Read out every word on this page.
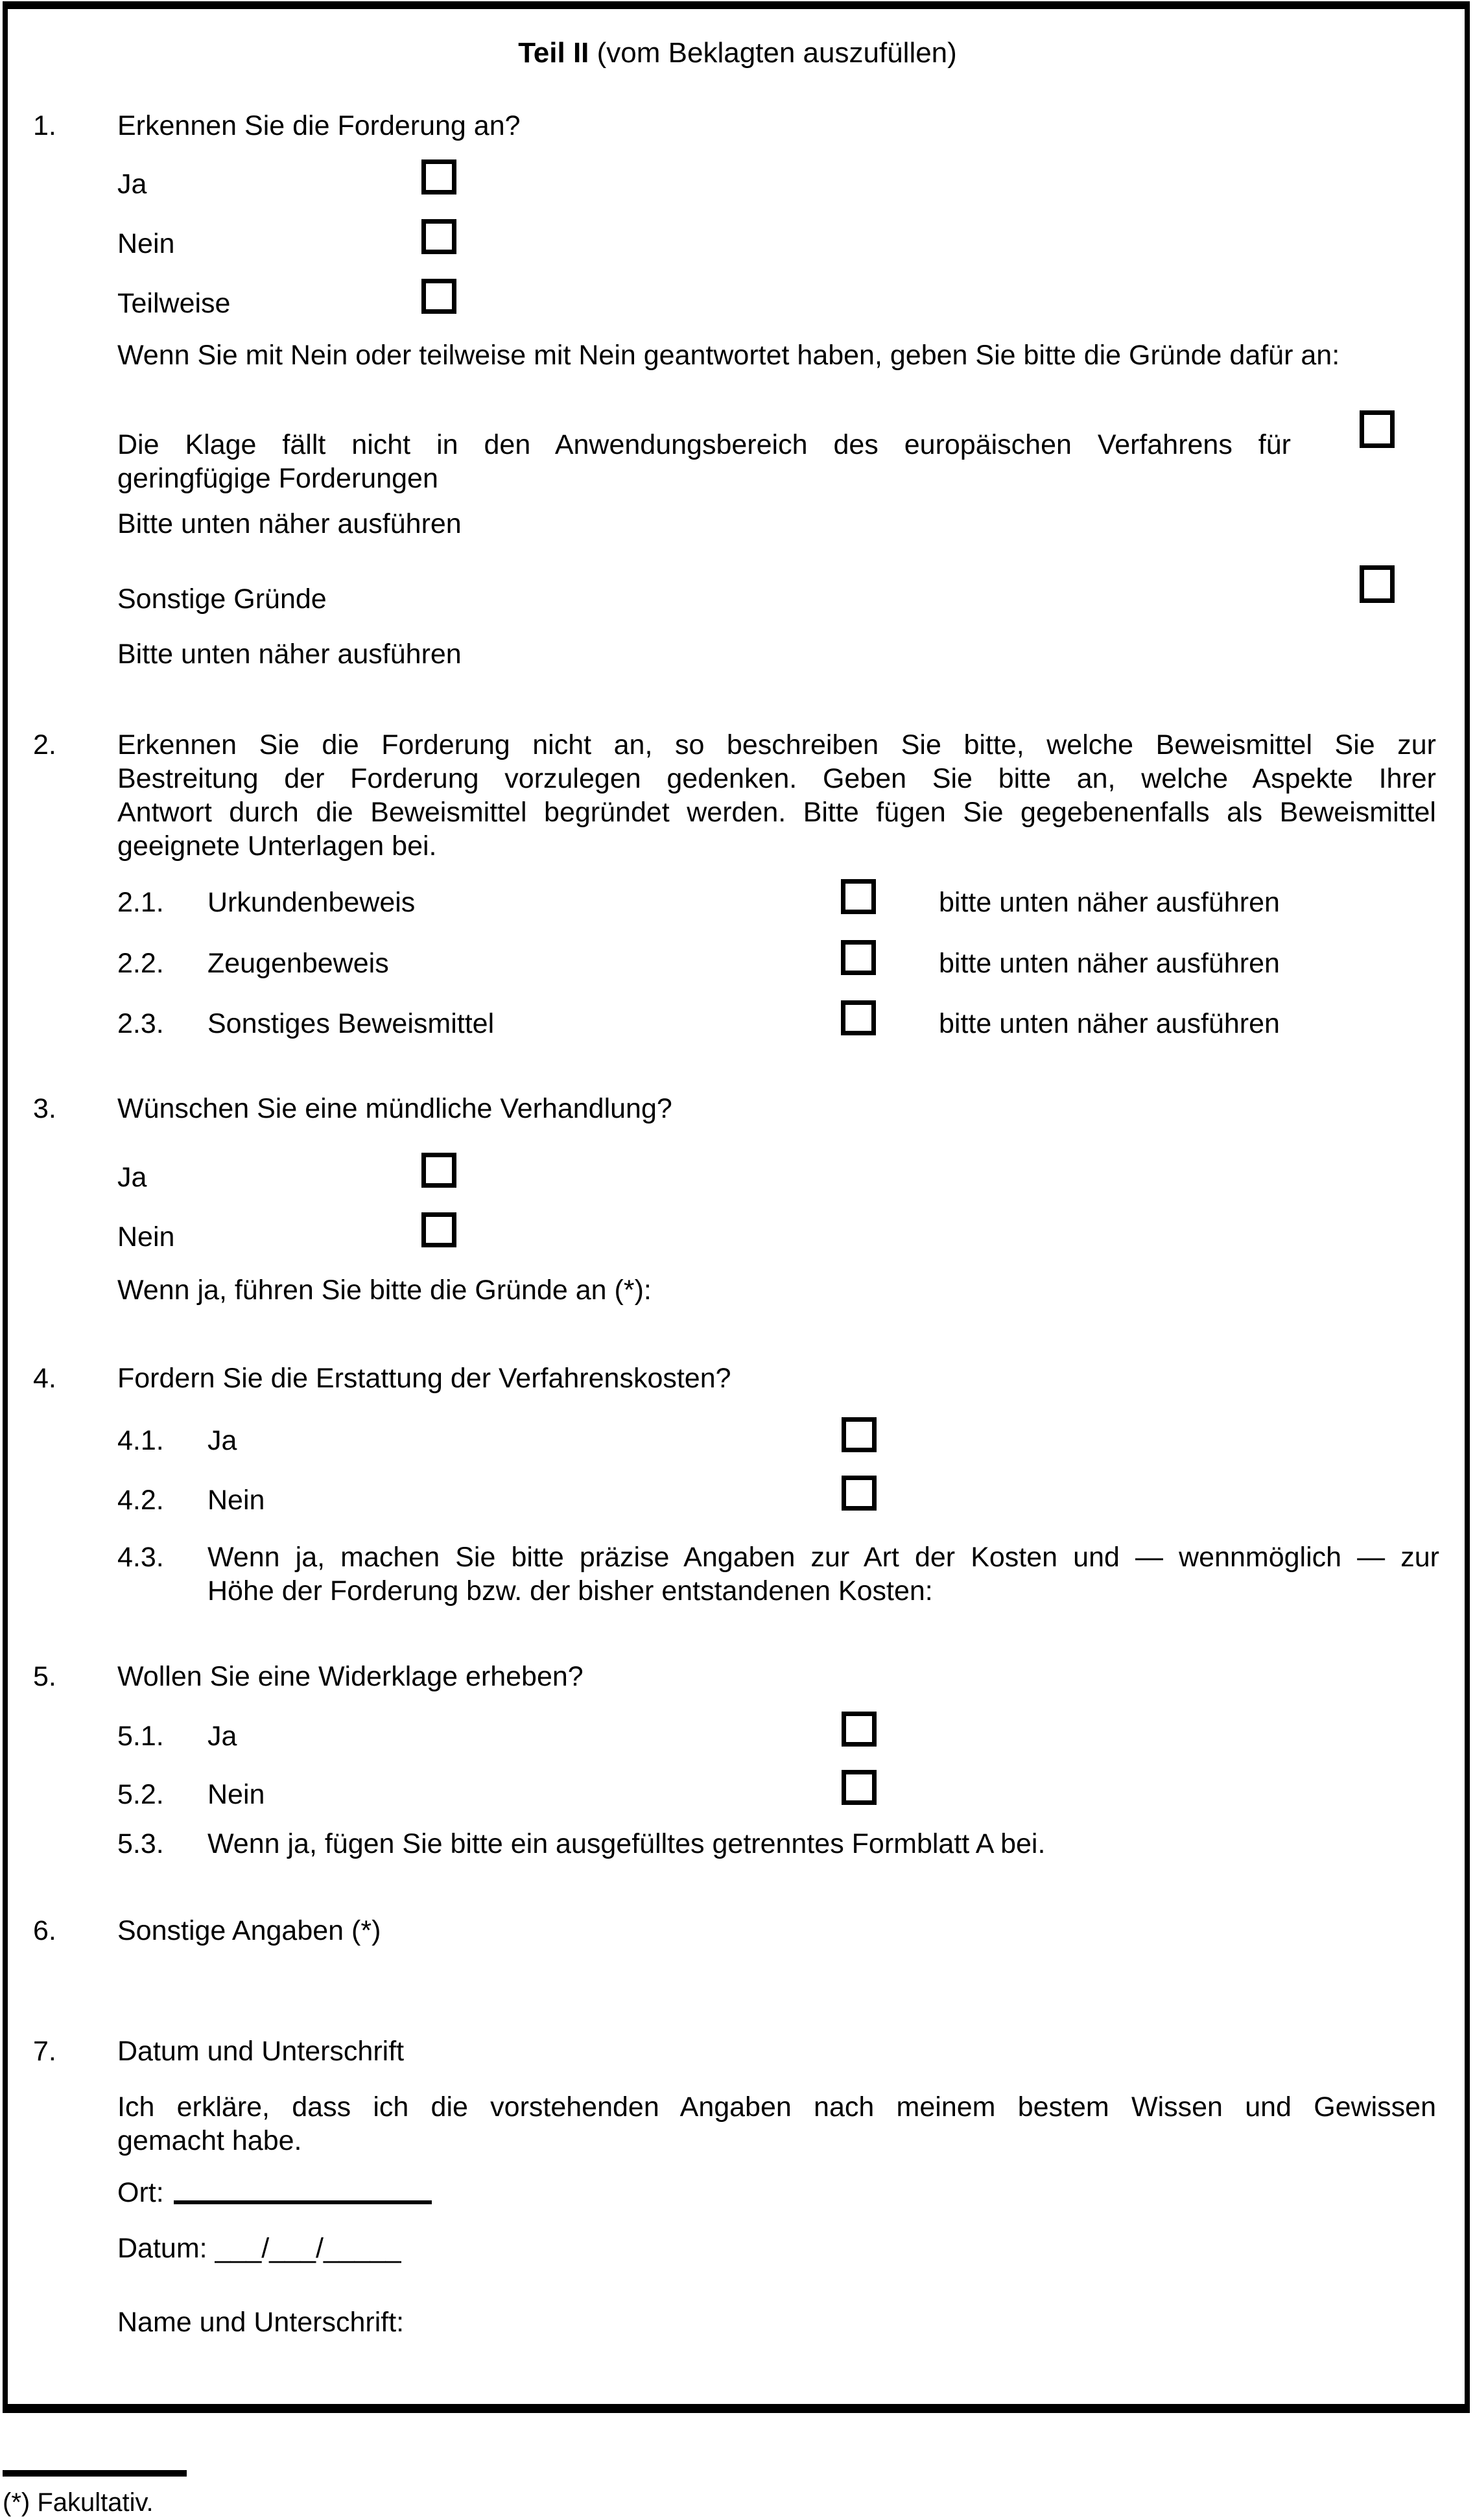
Teil II (vom Beklagten auszufüllen)
1. Erkennen Sie die Forderung an?
Ja
Nein
Teilweise
Wenn Sie mit Nein oder teilweise mit Nein geantwortet haben, geben Sie bitte die Gründe dafür an:
Die Klage fällt nicht in den Anwendungsbereich des europäischen Verfahrens für
geringfügige Forderungen
Bitte unten näher ausführen
Sonstige Gründe
Bitte unten näher ausführen
2. Erkennen Sie die Forderung nicht an, so beschreiben Sie bitte, welche Beweismittel Sie zur
Bestreitung der Forderung vorzulegen gedenken. Geben Sie bitte an, welche Aspekte Ihrer
Antwort durch die Beweismittel begründet werden. Bitte fügen Sie gegebenenfalls als Beweismittel
geeignete Unterlagen bei.
2.1. Urkundenbeweis	bitte unten näher ausführen
2.2. Zeugenbeweis	bitte unten näher ausführen
2.3. Sonstiges Beweismittel	bitte unten näher ausführen
3. Wünschen Sie eine mündliche Verhandlung?
Ja
Nein
Wenn ja, führen Sie bitte die Gründe an (*):
4. Fordern Sie die Erstattung der Verfahrenskosten?
4.1. Ja
4.2. Nein
4.3. Wenn ja, machen Sie bitte präzise Angaben zur Art der Kosten und — wennmöglich — zur
Höhe der Forderung bzw. der bisher entstandenen Kosten:
5. Wollen Sie eine Widerklage erheben?
5.1. Ja
5.2. Nein
5.3. Wenn ja, fügen Sie bitte ein ausgefülltes getrenntes Formblatt A bei.
6. Sonstige Angaben (*)
7. Datum und Unterschrift
Ich erkläre, dass ich die vorstehenden Angaben nach meinem bestem Wissen und Gewissen
gemacht habe.
Ort:
Datum: ___/___/_____
Name und Unterschrift:
(*) Fakultativ.
